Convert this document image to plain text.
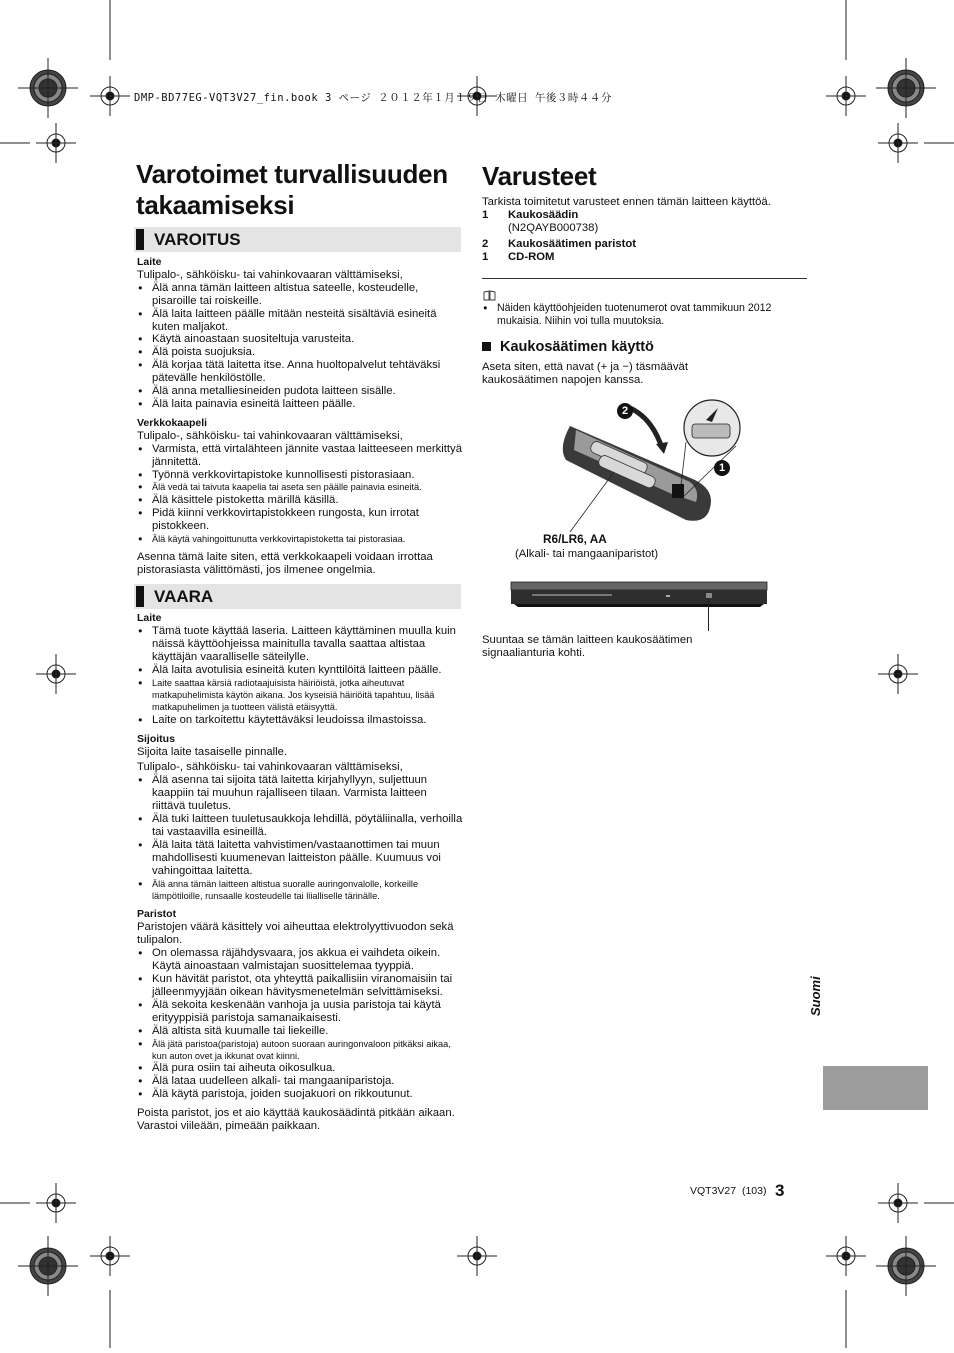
DMP-BD77EG-VQT3V27_fin.book 3 ページ ２０１２年１月１９日 木曜日 午後３時４４分
Varotoimet turvallisuuden
takaamiseksi
VAROITUS

Laite

Tulipalo-, sähköisku- tai vahinkovaaran välttämiseksi,

● Älä anna tämän laitteen altistua sateelle, kosteudelle, pisaroille tai roiskeille.

● Älä laita laitteen päälle mitään nesteitä sisältäviä esineitä kuten maljakot.

● Käytä ainoastaan suositeltuja varusteita.

● Älä poista suojuksia.

● Älä korjaa tätä laitetta itse. Anna huoltopalvelut tehtäväksi pätevälle henkilöstölle.

● Älä anna metalliesineiden pudota laitteen sisälle.

● Älä laita painavia esineitä laitteen päälle.

Verkkokaapeli

Tulipalo-, sähköisku- tai vahinkovaaran välttämiseksi,

● Varmista, että virtalähteen jännite vastaa laitteeseen merkittyä jännitettä.

● Työnnä verkkovirtapistoke kunnollisesti pistorasiaan.

● Älä vedä tai taivuta kaapelia tai aseta sen päälle painavia esineitä.

● Älä käsittele pistoketta märillä käsillä.

● Pidä kiinni verkkovirtapistokkeen rungosta, kun irrotat pistokkeen.

● Älä käytä vahingoittunutta verkkovirtapistoketta tai pistorasiaa.

Asenna tämä laite siten, että verkkokaapeli voidaan irrottaa pistorasiasta välittömästi, jos ilmenee ongelmia.

VAARA

Laite

● Tämä tuote käyttää laseria. Laitteen käyttäminen muulla kuin näissä käyttöohjeissa mainitulla tavalla saattaa altistaa käyttäjän vaaralliselle säteilylle.

● Älä laita avotulisia esineitä kuten kynttilöitä laitteen päälle.

● Laite saattaa kärsiä radiotaajuisista häiriöistä, jotka aiheutuvat matkapuhelimista käytön aikana. Jos kyseisiä häiriöitä tapahtuu, lisää matkapuhelimen ja tuotteen välistä etäisyyttä.

● Laite on tarkoitettu käytettäväksi leudoissa ilmastoissa.

Sijoitus

Sijoita laite tasaiselle pinnalle.

Tulipalo-, sähköisku- tai vahinkovaaran välttämiseksi,

● Älä asenna tai sijoita tätä laitetta kirjahyllyyn, suljettuun kaappiin tai muuhun rajalliseen tilaan. Varmista laitteen riittävä tuuletus.

● Älä tuki laitteen tuuletusaukkoja lehdillä, pöytäliinalla, verhoilla tai vastaavilla esineillä.

● Älä laita tätä laitetta vahvistimen/vastaanottimen tai muun mahdollisesti kuumenevan laitteiston päälle. Kuumuus voi vahingoittaa laitetta.

● Älä anna tämän laitteen altistua suoralle auringonvalolle, korkeille lämpötiloille, runsaalle kosteudelle tai liialliselle tärinälle.

Paristot

Paristojen väärä käsittely voi aiheuttaa elektrolyyttivuodon sekä tulipalon.

● On olemassa räjähdysvaara, jos akkua ei vaihdeta oikein. Käytä ainoastaan valmistajan suosittelemaa tyyppiä.

● Kun hävität paristot, ota yhteyttä paikallisiin viranomaisiin tai jälleenmyyjään oikean hävitysmenetelmän selvittämiseksi.

● Älä sekoita keskenään vanhoja ja uusia paristoja tai käytä erityyppisiä paristoja samanaikaisesti.

● Älä altista sitä kuumalle tai liekeille.

● Älä jätä paristoa(paristoja) autoon suoraan auringonvaloon pitkäksi aikaa, kun auton ovet ja ikkunat ovat kiinni.

● Älä pura osiin tai aiheuta oikosulkua.

● Älä lataa uudelleen alkali- tai mangaaniparistoja.

● Älä käytä paristoja, joiden suojakuori on rikkoutunut.

Poista paristot, jos et aio käyttää kaukosäädintä pitkään aikaan. Varastoi viileään, pimeään paikkaan.

Varusteet

Tarkista toimitetut varusteet ennen tämän laitteen käyttöä.

1	Kaukosäädin

(N2QAYB000738)

2	Kaukosäätimen paristot
1	CD-ROM

● Näiden käyttöohjeiden tuotenumerot ovat tammikuun 2012 mukaisia. Niihin voi tulla muutoksia.

Kaukosäätimen käyttö
Aseta siten, että navat (+ ja −) täsmäävät kaukosäätimen napojen kanssa.
2
1
R6/LR6, AA
(Alkali- tai mangaaniparistot)
Suuntaa se tämän laitteen kaukosäätimen signaalianturia kohti.
Suomi
VQT3V27 (103) 3
